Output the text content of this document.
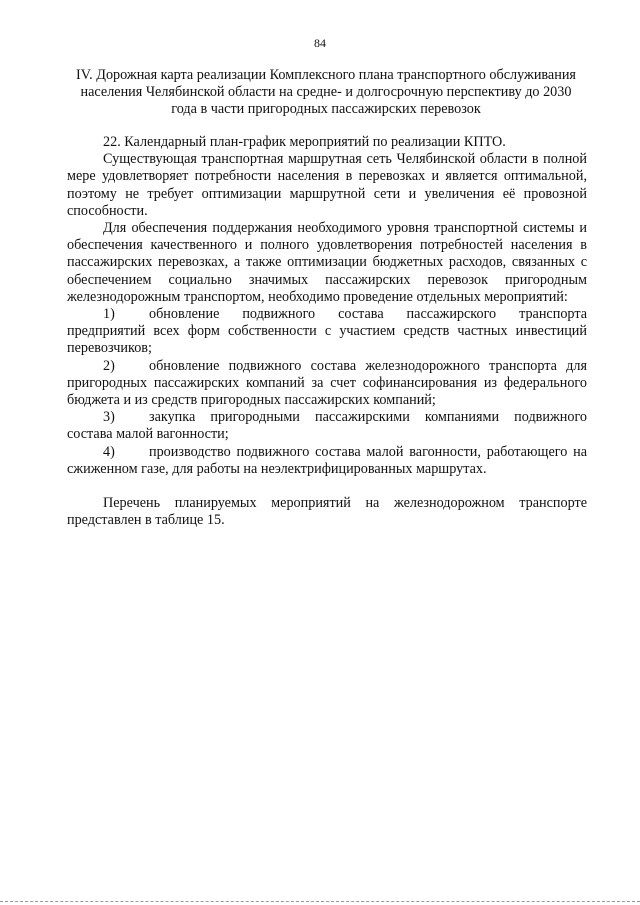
84
IV. Дорожная карта реализации Комплексного плана транспортного обслуживания населения Челябинской области на средне- и долгосрочную перспективу до 2030 года в части пригородных пассажирских перевозок

22. Календарный план-график мероприятий по реализации КПТО.

Существующая транспортная маршрутная сеть Челябинской области в полной мере удовлетворяет потребности населения в перевозках и является оптимальной, поэтому не требует оптимизации маршрутной сети и увеличения её провозной способности.

Для обеспечения поддержания необходимого уровня транспортной системы и обеспечения качественного и полного удовлетворения потребностей населения в пассажирских перевозках, а также оптимизации бюджетных расходов, связанных с обеспечением социально значимых пассажирских перевозок пригородным железнодорожным транспортом, необходимо проведение отдельных мероприятий:

1) обновление подвижного состава пассажирского транспорта предприятий всех форм собственности с участием средств частных инвестиций перевозчиков;

2) обновление подвижного состава железнодорожного транспорта для пригородных пассажирских компаний за счет софинансирования из федерального бюджета и из средств пригородных пассажирских компаний;

3) закупка пригородными пассажирскими компаниями подвижного состава малой вагонности;

4) производство подвижного состава малой вагонности, работающего на сжиженном газе, для работы на неэлектрифицированных маршрутах.

Перечень планируемых мероприятий на железнодорожном транспорте представлен в таблице 15.
